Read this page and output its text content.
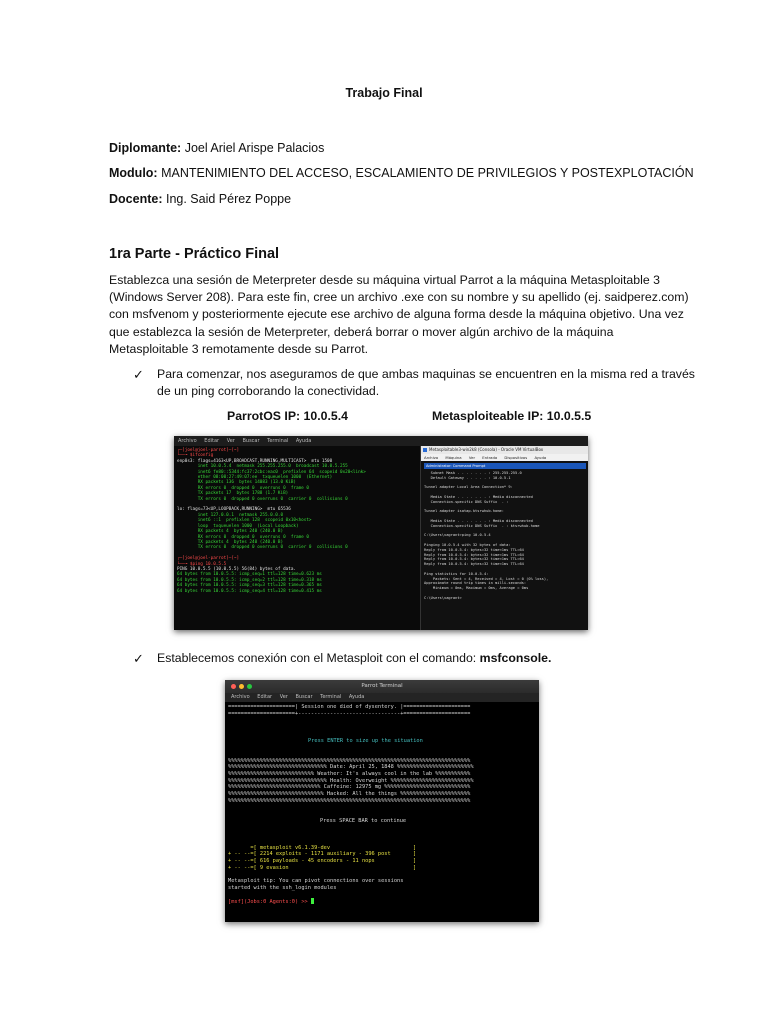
Trabajo Final
Diplomante: Joel Ariel Arispe Palacios
Modulo: MANTENIMIENTO DEL ACCESO, ESCALAMIENTO DE PRIVILEGIOS Y POSTEXPLOTACIÓN
Docente: Ing. Said Pérez Poppe
1ra Parte - Práctico Final
Establezca una sesión de Meterpreter desde su máquina virtual Parrot a la máquina Metasploitable 3
(Windows Server 208). Para este fin, cree un archivo .exe con su nombre y su apellido (ej. saidperez.com)
con msfvenom y posteriormente ejecute ese archivo de alguna forma desde la máquina objetivo. Una vez
que establezca la sesión de Meterpreter, deberá borrar o mover algún archivo de la máquina
Metasploitable 3 remotamente desde su Parrot.
✓ Para comenzar, nos aseguramos de que ambas maquinas se encuentren en la misma red a través
de un ping corroborando la conectividad.
ParrotOS IP: 10.0.5.4	Metasploiteable IP: 10.0.5.5
Archivo Editar Ver Buscar Terminal Ayuda
┌─[joel@joel-parrot]─[~]
└──╼ $ifconfig
enp0s3: flags=4163<UP,BROADCAST,RUNNING,MULTICAST>  mtu 1500
inet 10.0.5.4  netmask 255.255.255.0  broadcast 10.0.5.255
inet6 fe80::5344:fc37:2cbc:eac0  prefixlen 64  scopeid 0x20<link>
ether 08:00:27:49:07:ee  txqueuelen 1000  (Ethernet)
RX packets 136  bytes 14083 (13.0 KiB)
RX errors 0  dropped 0  overruns 0  frame 0
TX packets 17  bytes 1788 (1.7 KiB)
TX errors 0  dropped 0 overruns 0  carrier 0  collisions 0

lo: flags=73<UP,LOOPBACK,RUNNING>  mtu 65536
inet 127.0.0.1  netmask 255.0.0.0
inet6 ::1  prefixlen 128  scopeid 0x10<host>
loop  txqueuelen 1000  (Local Loopback)
RX packets 4  bytes 240 (240.0 B)
RX errors 0  dropped 0  overruns 0  frame 0
TX packets 4  bytes 240 (240.0 B)
TX errors 0  dropped 0 overruns 0  carrier 0  collisions 0

┌─[joel@joel-parrot]─[~]
└──╼ $ping 10.0.5.5
PING 10.0.5.5 (10.0.5.5) 56(84) bytes of data.
64 bytes from 10.0.5.5: icmp_seq=1 ttl=128 time=0.623 ms
64 bytes from 10.0.5.5: icmp_seq=2 ttl=128 time=0.318 ms
64 bytes from 10.0.5.5: icmp_seq=3 ttl=128 time=0.365 ms
64 bytes from 10.0.5.5: icmp_seq=4 ttl=128 time=0.415 ms
Metasploitable3-win2k8 (Consola) - Oracle VM VirtualBox
Archivo Máquina Ver Entrada Dispositivos Ayuda
Administrator: Command Prompt
Subnet Mask . . . . . . . : 255.255.255.0
Default Gateway . . . . . : 10.0.5.1

Tunnel adapter Local Area Connection* 9:

Media State . . . . . . . : Media disconnected
Connection-specific DNS Suffix  . :

Tunnel adapter isatap.ktsrwhub.home:

Media State . . . . . . . : Media disconnected
Connection-specific DNS Suffix  . : ktsrwhub.home

C:\Users\vagrant>ping 10.0.5.4

Pinging 10.0.5.4 with 32 bytes of data:
Reply from 10.0.5.4: bytes=32 time<1ms TTL=64
Reply from 10.0.5.4: bytes=32 time<1ms TTL=64
Reply from 10.0.5.4: bytes=32 time<1ms TTL=64
Reply from 10.0.5.4: bytes=32 time<1ms TTL=64

Ping statistics for 10.0.5.4:
Packets: Sent = 4, Received = 4, Lost = 0 (0% loss),
Approximate round trip times in milli-seconds:
Minimum = 0ms, Maximum = 0ms, Average = 0ms

C:\Users\vagrant>
✓ Establecemos conexión con el Metasploit con el comando: msfconsole.
Parrot Terminal
Archivo Editar Ver Buscar Terminal Ayuda
=====================| Session one died of dysentery. |=====================
=====================+--------------------------------+=====================

Press ENTER to size up the situation

%%%%%%%%%%%%%%%%%%%%%%%%%%%%%%%%%%%%%%%%%%%%%%%%%%%%%%%%%%%%%%%%%%%%%%%%%%%%
%%%%%%%%%%%%%%%%%%%%%%%%%%%%%%% Date: April 25, 1848 %%%%%%%%%%%%%%%%%%%%%%%%
%%%%%%%%%%%%%%%%%%%%%%%%%%% Weather: It's always cool in the lab %%%%%%%%%%%
%%%%%%%%%%%%%%%%%%%%%%%%%%%%%%% Health: Overweight %%%%%%%%%%%%%%%%%%%%%%%%%%
%%%%%%%%%%%%%%%%%%%%%%%%%%%%% Caffeine: 12975 mg %%%%%%%%%%%%%%%%%%%%%%%%%%%
%%%%%%%%%%%%%%%%%%%%%%%%%%%%%% Hacked: All the things %%%%%%%%%%%%%%%%%%%%%%
%%%%%%%%%%%%%%%%%%%%%%%%%%%%%%%%%%%%%%%%%%%%%%%%%%%%%%%%%%%%%%%%%%%%%%%%%%%%

Press SPACE BAR to continue

=[ metasploit v6.1.39-dev                          ]
+ -- --=[ 2214 exploits - 1171 auxiliary - 396 post       ]
+ -- --=[ 616 payloads - 45 encoders - 11 nops            ]
+ -- --=[ 9 evasion                                       ]

Metasploit tip: You can pivot connections over sessions
started with the ssh_login modules

[msf](Jobs:0 Agents:0) >>
